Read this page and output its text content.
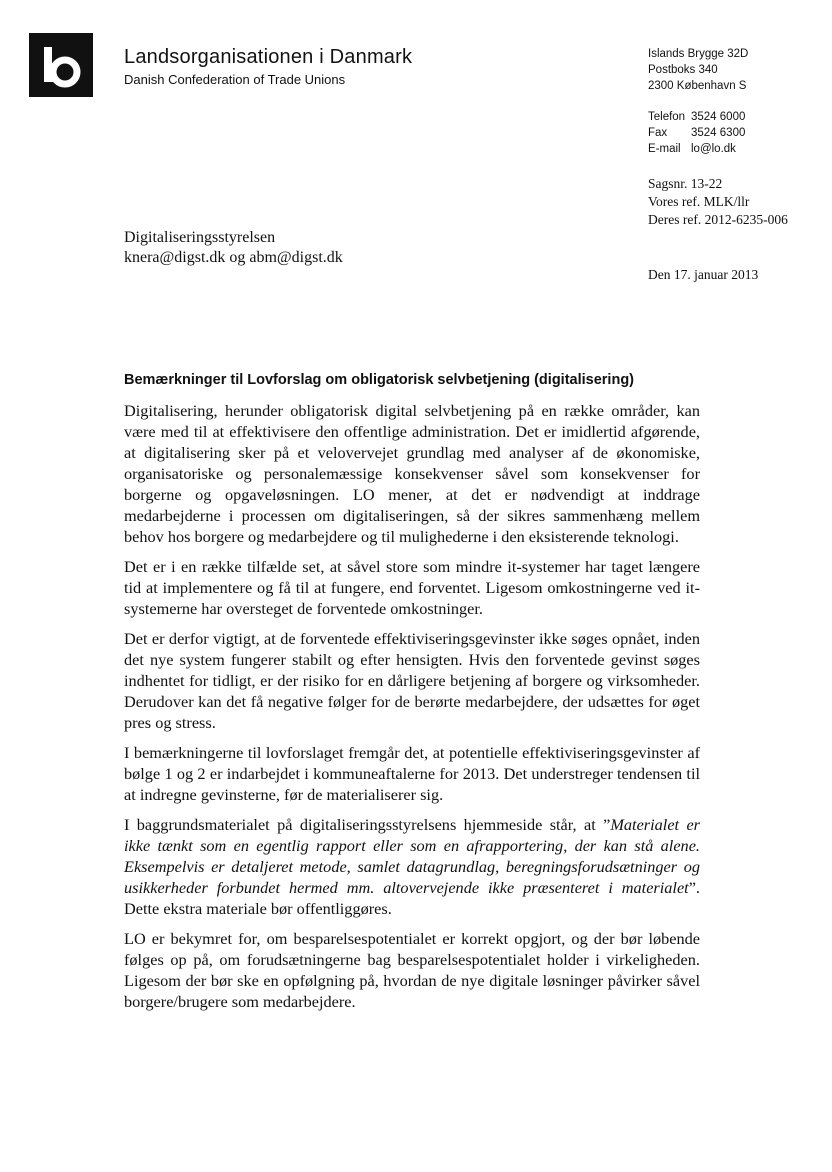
Landsorganisationen i Danmark
Danish Confederation of Trade Unions
Islands Brygge 32D
Postboks 340
2300 København S
Telefon 3524 6000
Fax 3524 6300
E-mail lo@lo.dk
Sagsnr. 13-22
Vores ref. MLK/llr
Deres ref. 2012-6235-006
Den 17. januar 2013
Digitaliseringsstyrelsen
knera@digst.dk og abm@digst.dk
Bemærkninger til Lovforslag om obligatorisk selvbetjening (digitalisering)

Digitalisering, herunder obligatorisk digital selvbetjening på en række områder, kan være med til at effektivisere den offentlige administration. Det er imidlertid afgørende, at digitalisering sker på et velovervejet grundlag med analyser af de økonomiske, organisatoriske og personalemæssige konsekvenser såvel som konsekvenser for borgerne og opgaveløsningen. LO mener, at det er nødvendigt at inddrage medarbejderne i processen om digitaliseringen, så der sikres sammenhæng mellem behov hos borgere og medarbejdere og til mulighederne i den eksisterende teknologi.

Det er i en række tilfælde set, at såvel store som mindre it-systemer har taget længere tid at implementere og få til at fungere, end forventet. Ligesom omkostningerne ved it-systemerne har oversteget de forventede omkostninger.

Det er derfor vigtigt, at de forventede effektiviseringsgevinster ikke søges opnået, inden det nye system fungerer stabilt og efter hensigten. Hvis den forventede gevinst søges indhentet for tidligt, er der risiko for en dårligere betjening af borgere og virksomheder. Derudover kan det få negative følger for de berørte medarbejdere, der udsættes for øget pres og stress.

I bemærkningerne til lovforslaget fremgår det, at potentielle effektiviseringsgevinster af bølge 1 og 2 er indarbejdet i kommuneaftalerne for 2013. Det understreger tendensen til at indregne gevinsterne, før de materialiserer sig.

I baggrundsmaterialet på digitaliseringsstyrelsens hjemmeside står, at ”Materialet er ikke tænkt som en egentlig rapport eller som en afrapportering, der kan stå alene. Eksempelvis er detaljeret metode, samlet datagrundlag, beregningsforudsætninger og usikkerheder forbundet hermed mm. altovervejende ikke præsenteret i materialet”. Dette ekstra materiale bør offentliggøres.

LO er bekymret for, om besparelsespotentialet er korrekt opgjort, og der bør løbende følges op på, om forudsætningerne bag besparelsespotentialet holder i virkeligheden. Ligesom der bør ske en opfølgning på, hvordan de nye digitale løsninger påvirker såvel borgere/brugere som medarbejdere.
